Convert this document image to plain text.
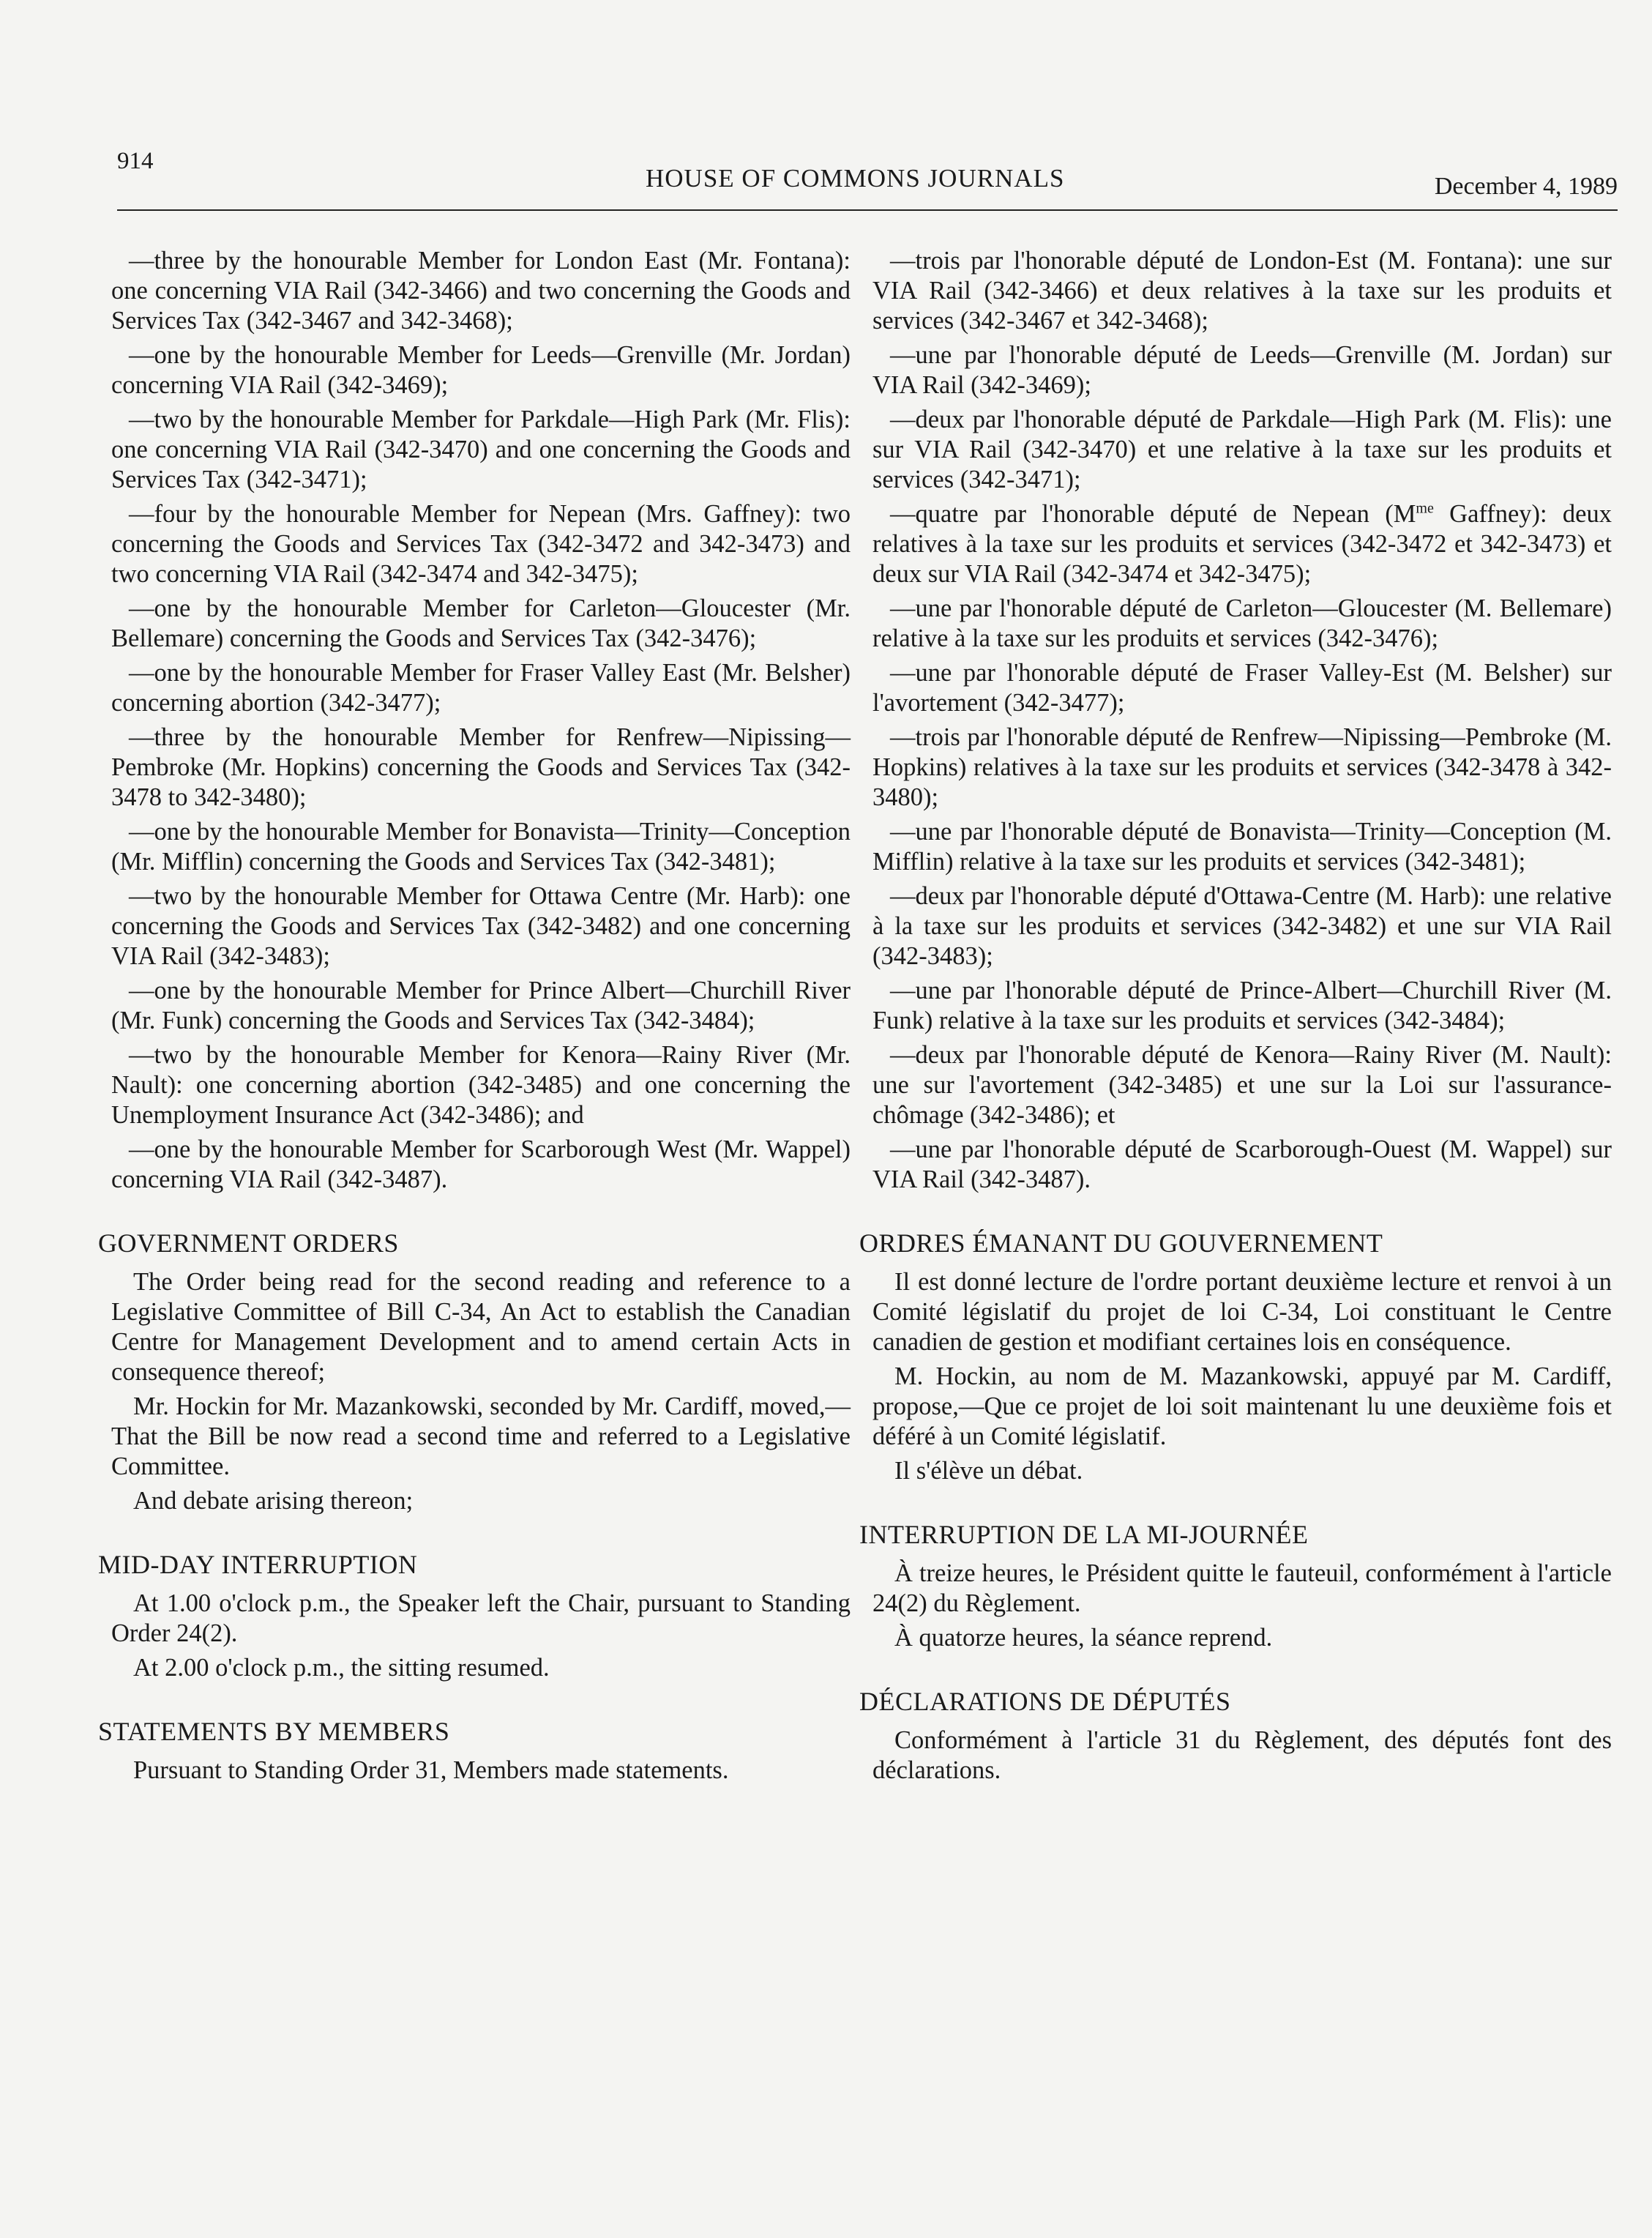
914
HOUSE OF COMMONS JOURNALS	December 4, 1989

—three by the honourable Member for London East (Mr. Fontana): one concerning VIA Rail (342-3466) and two concerning the Goods and Services Tax (342-3467 and 342-3468);

—one by the honourable Member for Leeds—Grenville (Mr. Jordan) concerning VIA Rail (342-3469);

—two by the honourable Member for Parkdale—High Park (Mr. Flis): one concerning VIA Rail (342-3470) and one concerning the Goods and Services Tax (342-3471);

—four by the honourable Member for Nepean (Mrs. Gaffney): two concerning the Goods and Services Tax (342-3472 and 342-3473) and two concerning VIA Rail (342-3474 and 342-3475);

—one by the honourable Member for Carleton—Gloucester (Mr. Bellemare) concerning the Goods and Services Tax (342-3476);

—one by the honourable Member for Fraser Valley East (Mr. Belsher) concerning abortion (342-3477);

—three by the honourable Member for Renfrew—Nipissing—Pembroke (Mr. Hopkins) concerning the Goods and Services Tax (342-3478 to 342-3480);

—one by the honourable Member for Bonavista—Trinity—Conception (Mr. Mifflin) concerning the Goods and Services Tax (342-3481);

—two by the honourable Member for Ottawa Centre (Mr. Harb): one concerning the Goods and Services Tax (342-3482) and one concerning VIA Rail (342-3483);

—one by the honourable Member for Prince Albert—Churchill River (Mr. Funk) concerning the Goods and Services Tax (342-3484);

—two by the honourable Member for Kenora—Rainy River (Mr. Nault): one concerning abortion (342-3485) and one concerning the Unemployment Insurance Act (342-3486); and

—one by the honourable Member for Scarborough West (Mr. Wappel) concerning VIA Rail (342-3487).

GOVERNMENT ORDERS

The Order being read for the second reading and reference to a Legislative Committee of Bill C-34, An Act to establish the Canadian Centre for Management Development and to amend certain Acts in consequence thereof;

Mr. Hockin for Mr. Mazankowski, seconded by Mr. Cardiff, moved,—That the Bill be now read a second time and referred to a Legislative Committee.

And debate arising thereon;

MID-DAY INTERRUPTION

At 1.00 o'clock p.m., the Speaker left the Chair, pursuant to Standing Order 24(2).

At 2.00 o'clock p.m., the sitting resumed.

STATEMENTS BY MEMBERS

Pursuant to Standing Order 31, Members made statements.

—trois par l'honorable député de London-Est (M. Fontana): une sur VIA Rail (342-3466) et deux relatives à la taxe sur les produits et services (342-3467 et 342-3468);

—une par l'honorable député de Leeds—Grenville (M. Jordan) sur VIA Rail (342-3469);

—deux par l'honorable député de Parkdale—High Park (M. Flis): une sur VIA Rail (342-3470) et une relative à la taxe sur les produits et services (342-3471);

—quatre par l'honorable député de Nepean ($M^{me}$ Gaffney): deux relatives à la taxe sur les produits et services (342-3472 et 342-3473) et deux sur VIA Rail (342-3474 et 342-3475);

—une par l'honorable député de Carleton—Gloucester (M. Bellemare) relative à la taxe sur les produits et services (342-3476);

—une par l'honorable député de Fraser Valley-Est (M. Belsher) sur l'avortement (342-3477);

—trois par l'honorable député de Renfrew—Nipissing—Pembroke (M. Hopkins) relatives à la taxe sur les produits et services (342-3478 à 342-3480);

—une par l'honorable député de Bonavista—Trinity—Conception (M. Mifflin) relative à la taxe sur les produits et services (342-3481);

—deux par l'honorable député d'Ottawa-Centre (M. Harb): une relative à la taxe sur les produits et services (342-3482) et une sur VIA Rail (342-3483);

—une par l'honorable député de Prince-Albert—Churchill River (M. Funk) relative à la taxe sur les produits et services (342-3484);

—deux par l'honorable député de Kenora—Rainy River (M. Nault): une sur l'avortement (342-3485) et une sur la Loi sur l'assurance-chômage (342-3486); et

—une par l'honorable député de Scarborough-Ouest (M. Wappel) sur VIA Rail (342-3487).

ORDRES ÉMANANT DU GOUVERNEMENT

Il est donné lecture de l'ordre portant deuxième lecture et renvoi à un Comité législatif du projet de loi C-34, Loi constituant le Centre canadien de gestion et modifiant certaines lois en conséquence.

M. Hockin, au nom de M. Mazankowski, appuyé par M. Cardiff, propose,—Que ce projet de loi soit maintenant lu une deuxième fois et déféré à un Comité législatif.

Il s'élève un débat.

INTERRUPTION DE LA MI-JOURNÉE

À treize heures, le Président quitte le fauteuil, conformément à l'article 24(2) du Règlement.

À quatorze heures, la séance reprend.

DÉCLARATIONS DE DÉPUTÉS

Conformément à l'article 31 du Règlement, des députés font des déclarations.
